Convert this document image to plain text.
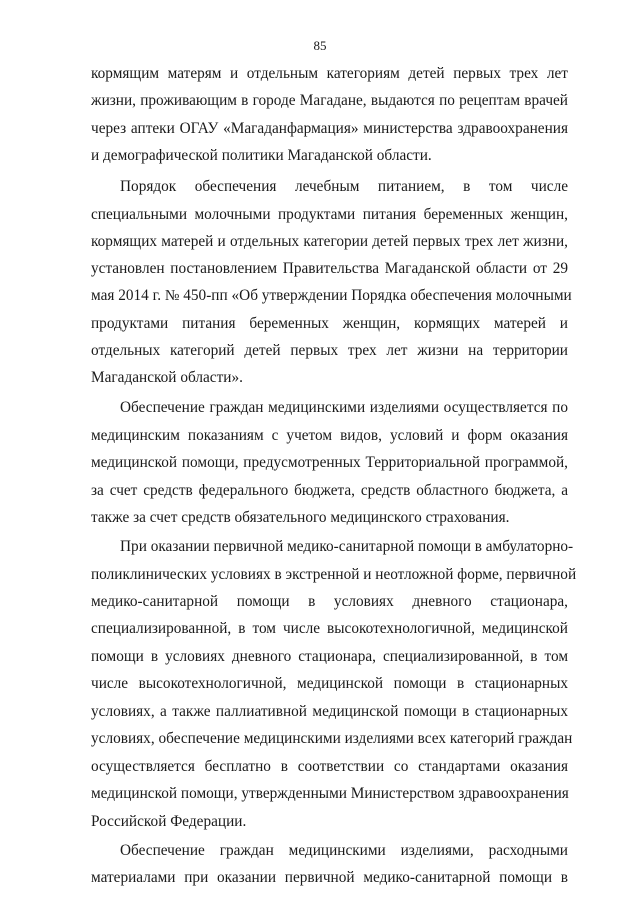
85
кормящим матерям и отдельным категориям детей первых трех лет
жизни, проживающим в городе Магадане, выдаются по рецептам врачей
через аптеки ОГАУ «Магаданфармация» министерства здравоохранения
и демографической политики Магаданской области.
Порядок обеспечения лечебным питанием, в том числе
специальными молочными продуктами питания беременных женщин,
кормящих матерей и отдельных категории детей первых трех лет жизни,
установлен постановлением Правительства Магаданской области от 29
мая 2014 г. № 450-пп «Об утверждении Порядка обеспечения молочными
продуктами питания беременных женщин, кормящих матерей и
отдельных категорий детей первых трех лет жизни на территории
Магаданской области».
Обеспечение граждан медицинскими изделиями осуществляется по
медицинским показаниям с учетом видов, условий и форм оказания
медицинской помощи, предусмотренных Территориальной программой,
за счет средств федерального бюджета, средств областного бюджета, а
также за счет средств обязательного медицинского страхования.
При оказании первичной медико-санитарной помощи в амбулаторно-
поликлинических условиях в экстренной и неотложной форме, первичной
медико-санитарной помощи в условиях дневного стационара,
специализированной, в том числе высокотехнологичной, медицинской
помощи в условиях дневного стационара, специализированной, в том
числе высокотехнологичной, медицинской помощи в стационарных
условиях, а также паллиативной медицинской помощи в стационарных
условиях, обеспечение медицинскими изделиями всех категорий граждан
осуществляется бесплатно в соответствии со стандартами оказания
медицинской помощи, утвержденными Министерством здравоохранения
Российской Федерации.
Обеспечение граждан медицинскими изделиями, расходными
материалами при оказании первичной медико-санитарной помощи в
